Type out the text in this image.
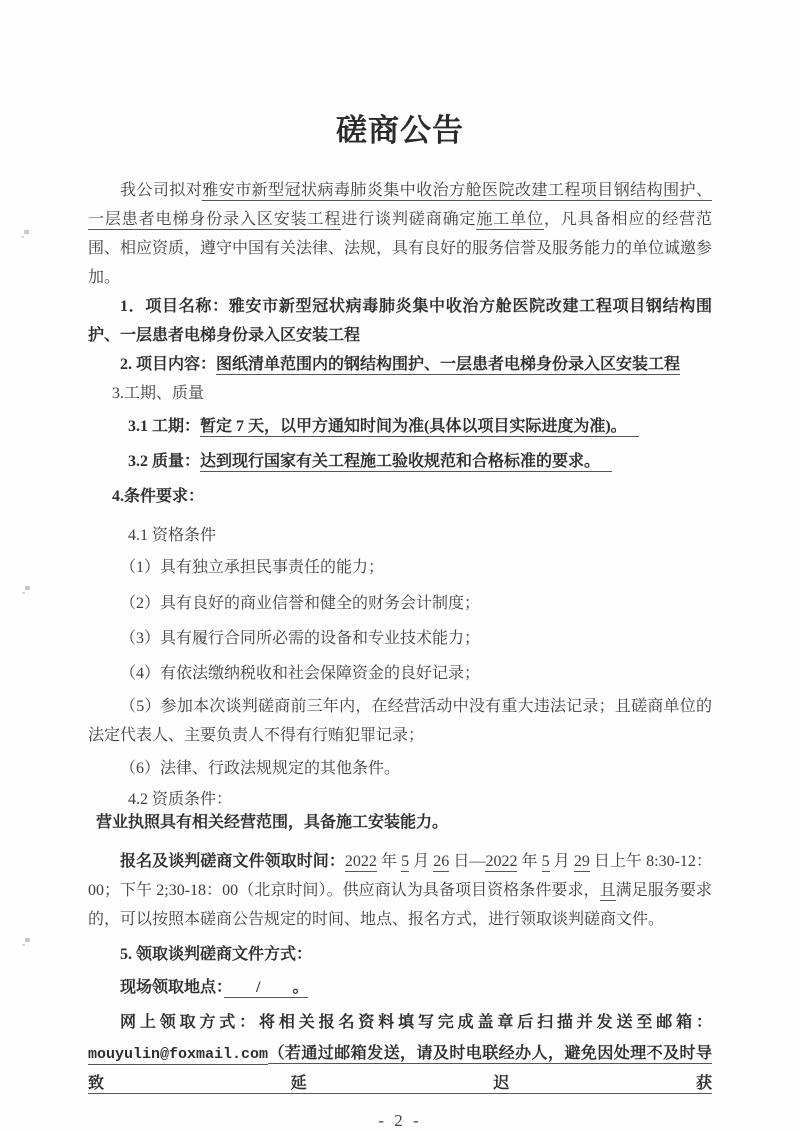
磋商公告

我公司拟对雅安市新型冠状病毒肺炎集中收治方舱医院改建工程项目钢结构围护、一层患者电梯身份录入区安装工程进行谈判磋商确定施工单位，凡具备相应的经营范围、相应资质，遵守中国有关法律、法规，具有良好的服务信誉及服务能力的单位诚邀参加。

1．项目名称：雅安市新型冠状病毒肺炎集中收治方舱医院改建工程项目钢结构围护、一层患者电梯身份录入区安装工程

2. 项目内容：图纸清单范围内的钢结构围护、一层患者电梯身份录入区安装工程

3.工期、质量

3.1 工期：暂定 7 天，以甲方通知时间为准(具体以项目实际进度为准)。

3.2 质量：达到现行国家有关工程施工验收规范和合格标准的要求。

4.条件要求：

4.1 资格条件

（1）具有独立承担民事责任的能力；

（2）具有良好的商业信誉和健全的财务会计制度；

（3）具有履行合同所必需的设备和专业技术能力；

（4）有依法缴纳税收和社会保障资金的良好记录；

（5）参加本次谈判磋商前三年内，在经营活动中没有重大违法记录；且磋商单位的法定代表人、主要负责人不得有行贿犯罪记录；

（6）法律、行政法规规定的其他条件。

4.2 资质条件：

营业执照具有相关经营范围，具备施工安装能力。

报名及谈判磋商文件领取时间：2022 年 5 月 26 日—2022 年 5 月 29 日上午 8:30-12：00；下午 2;30-18：00（北京时间）。供应商认为具备项目资格条件要求，且满足服务要求的，可以按照本磋商公告规定的时间、地点、报名方式，进行领取谈判磋商文件。

5. 领取谈判磋商文件方式：

现场领取地点：　　/　　。

网上领取方式：将相关报名资料填写完成盖章后扫描并发送至邮箱：

mouyulin@foxmail.com（若通过邮箱发送，请及时电联经办人，避免因处理不及时导致延迟获

- 2 -
